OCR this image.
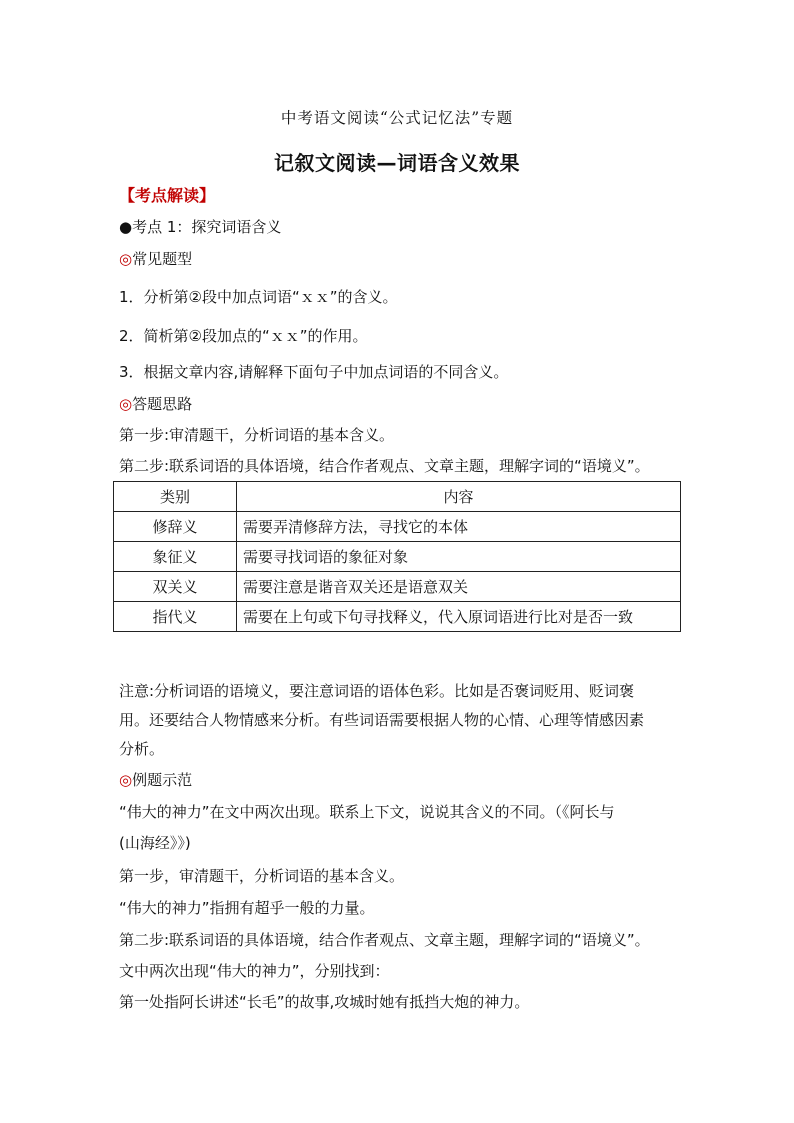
中考语文阅读“公式记忆法”专题
记叙文阅读—词语含义效果
【考点解读】
●考点 1：探究词语含义
◎常见题型
1．分析第②段中加点词语“ｘｘ”的含义。
2．简析第②段加点的“ｘｘ”的作用。
3．根据文章内容,请解释下面句子中加点词语的不同含义。
◎答题思路
第一步:审清题干，分析词语的基本含义。
第二步:联系词语的具体语境，结合作者观点、文章主题，理解字词的“语境义”。
类别	内容
修辞义	需要弄清修辞方法，寻找它的本体
象征义	需要寻找词语的象征对象
双关义	需要注意是谐音双关还是语意双关
指代义	需要在上句或下句寻找释义，代入原词语进行比对是否一致
注意:分析词语的语境义，要注意词语的语体色彩。比如是否褒词贬用、贬词褒
用。还要结合人物情感来分析。有些词语需要根据人物的心情、心理等情感因素
分析。
◎例题示范
“伟大的神力”在文中两次出现。联系上下文，说说其含义的不同。（《阿长与
(山海经》》)
第一步，审清题干，分析词语的基本含义。
“伟大的神力”指拥有超乎一般的力量。
第二步:联系词语的具体语境，结合作者观点、文章主题，理解字词的“语境义”。
文中两次出现“伟大的神力”，分别找到：
第一处指阿长讲述“长毛”的故事,攻城时她有抵挡大炮的神力。
